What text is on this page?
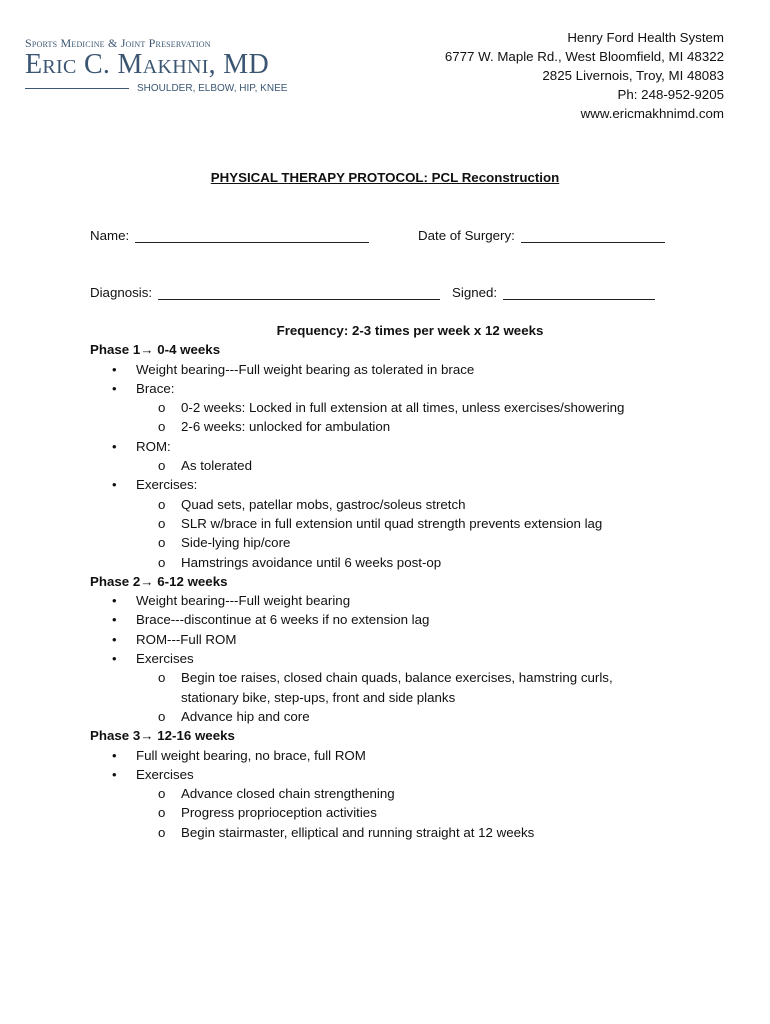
Sports Medicine & Joint Preservation
Eric C. Makhni, MD
SHOULDER, ELBOW, HIP, KNEE
Henry Ford Health System
6777 W. Maple Rd., West Bloomfield, MI 48322
2825 Livernois, Troy, MI 48083
Ph: 248-952-9205
www.ericmakhnimd.com
PHYSICAL THERAPY PROTOCOL: PCL Reconstruction
Name:	Date of Surgery:
Diagnosis:	Signed:
Frequency: 2-3 times per week x 12 weeks
Phase 1→ 0-4 weeks
• Weight bearing---Full weight bearing as tolerated in brace
• Brace:
o 0-2 weeks: Locked in full extension at all times, unless exercises/showering
o 2-6 weeks: unlocked for ambulation
• ROM:
o As tolerated
• Exercises:
o Quad sets, patellar mobs, gastroc/soleus stretch
o SLR w/brace in full extension until quad strength prevents extension lag
o Side-lying hip/core
o Hamstrings avoidance until 6 weeks post-op
Phase 2→ 6-12 weeks
• Weight bearing---Full weight bearing
• Brace---discontinue at 6 weeks if no extension lag
• ROM---Full ROM
• Exercises
o Begin toe raises, closed chain quads, balance exercises, hamstring curls, stationary bike, step-ups, front and side planks
o Advance hip and core
Phase 3→ 12-16 weeks
• Full weight bearing, no brace, full ROM
• Exercises
o Advance closed chain strengthening
o Progress proprioception activities
o Begin stairmaster, elliptical and running straight at 12 weeks
